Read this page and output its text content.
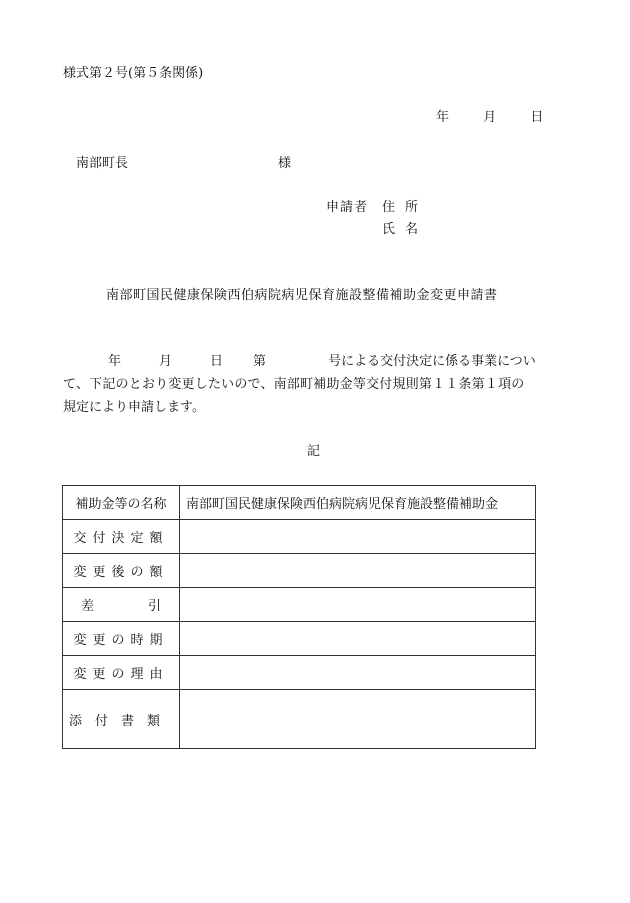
様式第２号(第５条関係)
年	月	日
南部町長	様
申請者 住所
氏名
南部町国民健康保険西伯病院病児保育施設整備補助金変更申請書
年	月	日 第	号による交付決定に係る事業につい
て、下記のとおり変更したいので、南部町補助金等交付規則第１１条第１項の
規定により申請します。
記
補助金等の名称	南部町国民健康保険西伯病院病児保育施設整備補助金
交付決定額	
変更後の額	
差引	
変更の時期	
変更の理由	
添付書類	
